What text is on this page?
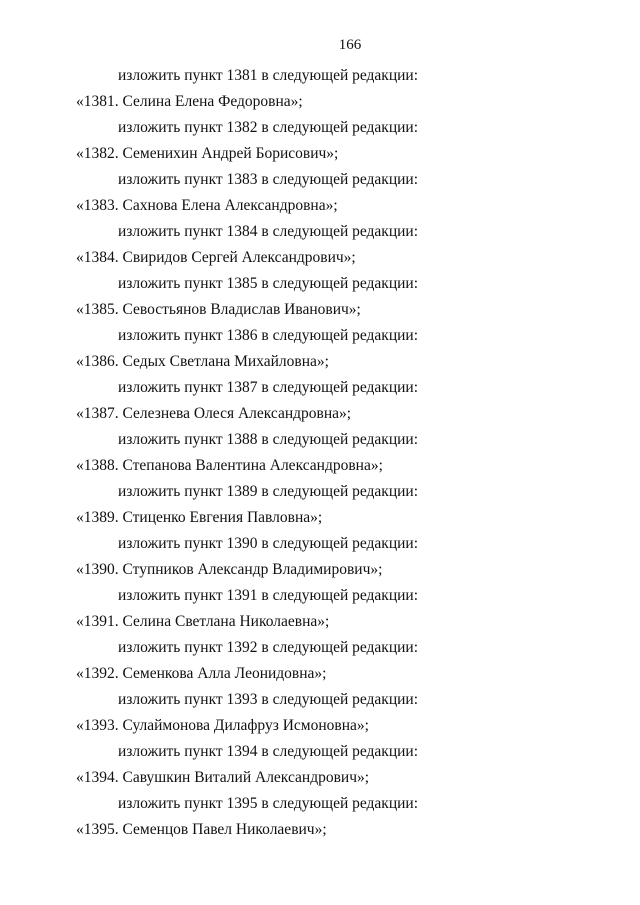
166
изложить пункт 1381 в следующей редакции:
«1381. Селина Елена Федоровна»;
изложить пункт 1382 в следующей редакции:
«1382. Семенихин Андрей Борисович»;
изложить пункт 1383 в следующей редакции:
«1383. Сахнова Елена Александровна»;
изложить пункт 1384 в следующей редакции:
«1384. Свиридов Сергей Александрович»;
изложить пункт 1385 в следующей редакции:
«1385. Севостьянов Владислав Иванович»;
изложить пункт 1386 в следующей редакции:
«1386. Седых Светлана Михайловна»;
изложить пункт 1387 в следующей редакции:
«1387. Селезнева Олеся Александровна»;
изложить пункт 1388 в следующей редакции:
«1388. Степанова Валентина Александровна»;
изложить пункт 1389 в следующей редакции:
«1389. Стиценко Евгения Павловна»;
изложить пункт 1390 в следующей редакции:
«1390. Ступников Александр Владимирович»;
изложить пункт 1391 в следующей редакции:
«1391. Селина Светлана Николаевна»;
изложить пункт 1392 в следующей редакции:
«1392. Семенкова Алла Леонидовна»;
изложить пункт 1393 в следующей редакции:
«1393. Сулаймонова Дилафруз Исмоновна»;
изложить пункт 1394 в следующей редакции:
«1394. Савушкин Виталий Александрович»;
изложить пункт 1395 в следующей редакции:
«1395. Семенцов Павел Николаевич»;
